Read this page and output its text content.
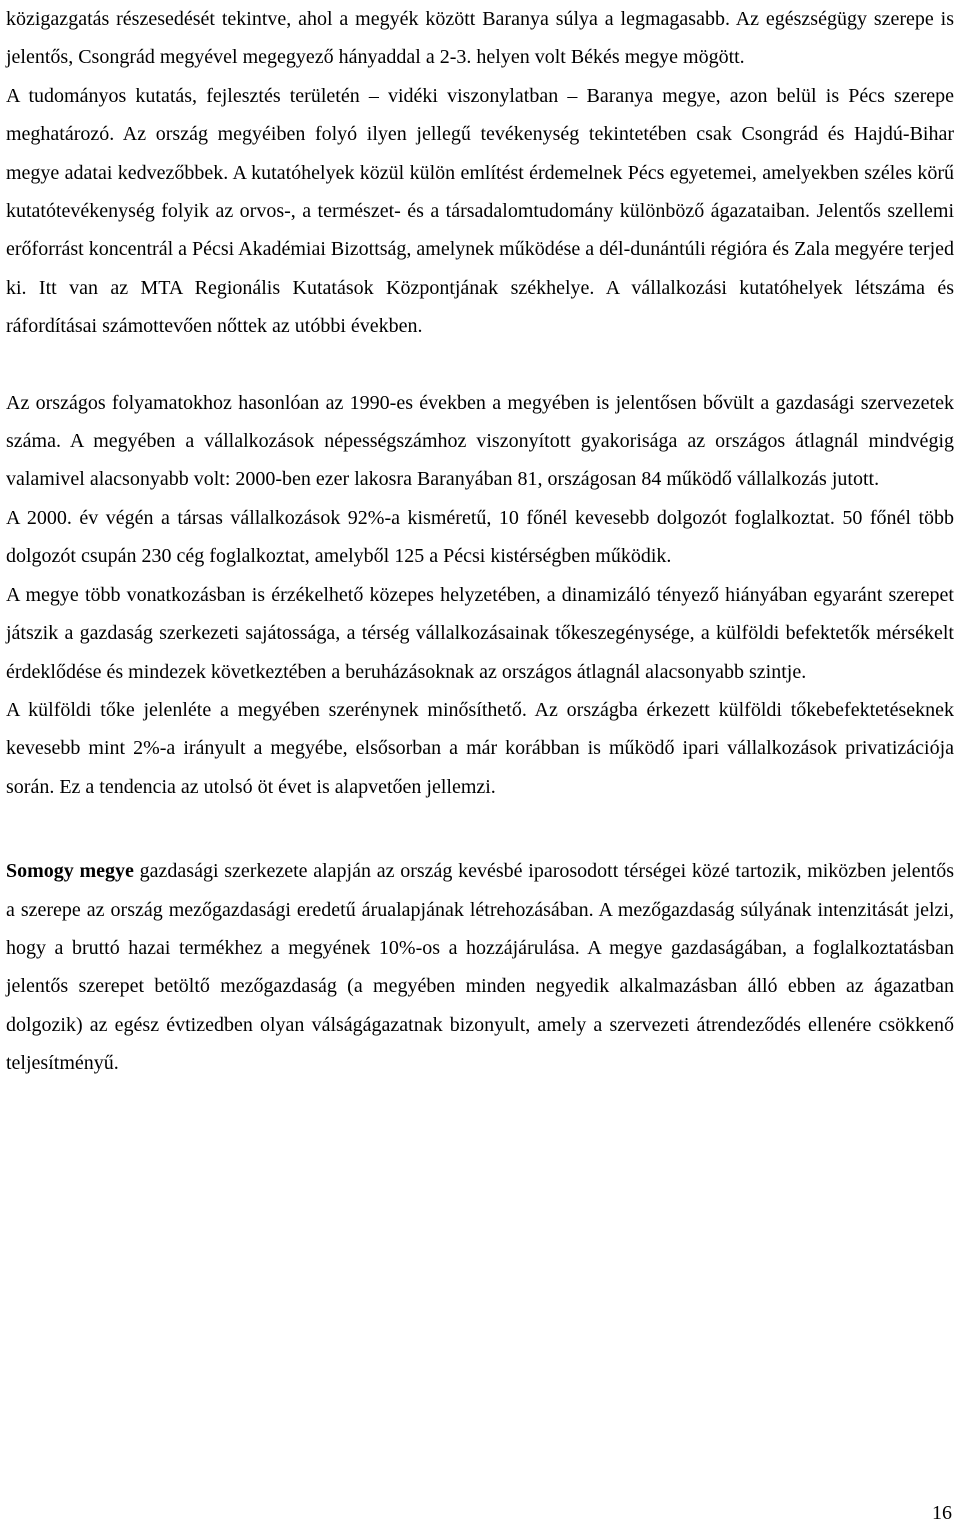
közigazgatás részesedését tekintve, ahol a megyék között Baranya súlya a legmagasabb. Az egészségügy szerepe is jelentős, Csongrád megyével megegyező hányaddal a 2-3. helyen volt Békés megye mögött.

A tudományos kutatás, fejlesztés területén – vidéki viszonylatban – Baranya megye, azon belül is Pécs szerepe meghatározó. Az ország megyéiben folyó ilyen jellegű tevékenység tekintetében csak Csongrád és Hajdú-Bihar megye adatai kedvezőbbek. A kutatóhelyek közül külön említést érdemelnek Pécs egyetemei, amelyekben széles körű kutatótevékenység folyik az orvos-, a természet- és a társadalomtudomány különböző ágazataiban. Jelentős szellemi erőforrást koncentrál a Pécsi Akadémiai Bizottság, amelynek működése a dél-dunántúli régióra és Zala megyére terjed ki. Itt van az MTA Regionális Kutatások Központjának székhelye. A vállalkozási kutatóhelyek létszáma és ráfordításai számottevően nőttek az utóbbi években.

Az országos folyamatokhoz hasonlóan az 1990-es években a megyében is jelentősen bővült a gazdasági szervezetek száma. A megyében a vállalkozások népességszámhoz viszonyított gyakorisága az országos átlagnál mindvégig valamivel alacsonyabb volt: 2000-ben ezer lakosra Baranyában 81, országosan 84 működő vállalkozás jutott.

A 2000. év végén a társas vállalkozások 92%-a kisméretű, 10 főnél kevesebb dolgozót foglalkoztat. 50 főnél több dolgozót csupán 230 cég foglalkoztat, amelyből 125 a Pécsi kistérségben működik.

A megye több vonatkozásban is érzékelhető közepes helyzetében, a dinamizáló tényező hiányában egyaránt szerepet játszik a gazdaság szerkezeti sajátossága, a térség vállalkozásainak tőkeszegénysége, a külföldi befektetők mérsékelt érdeklődése és mindezek következtében a beruházásoknak az országos átlagnál alacsonyabb szintje.

A külföldi tőke jelenléte a megyében szerénynek minősíthető. Az országba érkezett külföldi tőkebefektetéseknek kevesebb mint 2%-a irányult a megyébe, elsősorban a már korábban is működő ipari vállalkozások privatizációja során. Ez a tendencia az utolsó öt évet is alapvetően jellemzi.

Somogy megye gazdasági szerkezete alapján az ország kevésbé iparosodott térségei közé tartozik, miközben jelentős a szerepe az ország mezőgazdasági eredetű árualapjának létrehozásában. A mezőgazdaság súlyának intenzitását jelzi, hogy a bruttó hazai termékhez a megyének 10%-os a hozzájárulása. A megye gazdaságában, a foglalkoztatásban jelentős szerepet betöltő mezőgazdaság (a megyében minden negyedik alkalmazásban álló ebben az ágazatban dolgozik) az egész évtizedben olyan válságágazatnak bizonyult, amely a szervezeti átrendeződés ellenére csökkenő teljesítményű.

16
